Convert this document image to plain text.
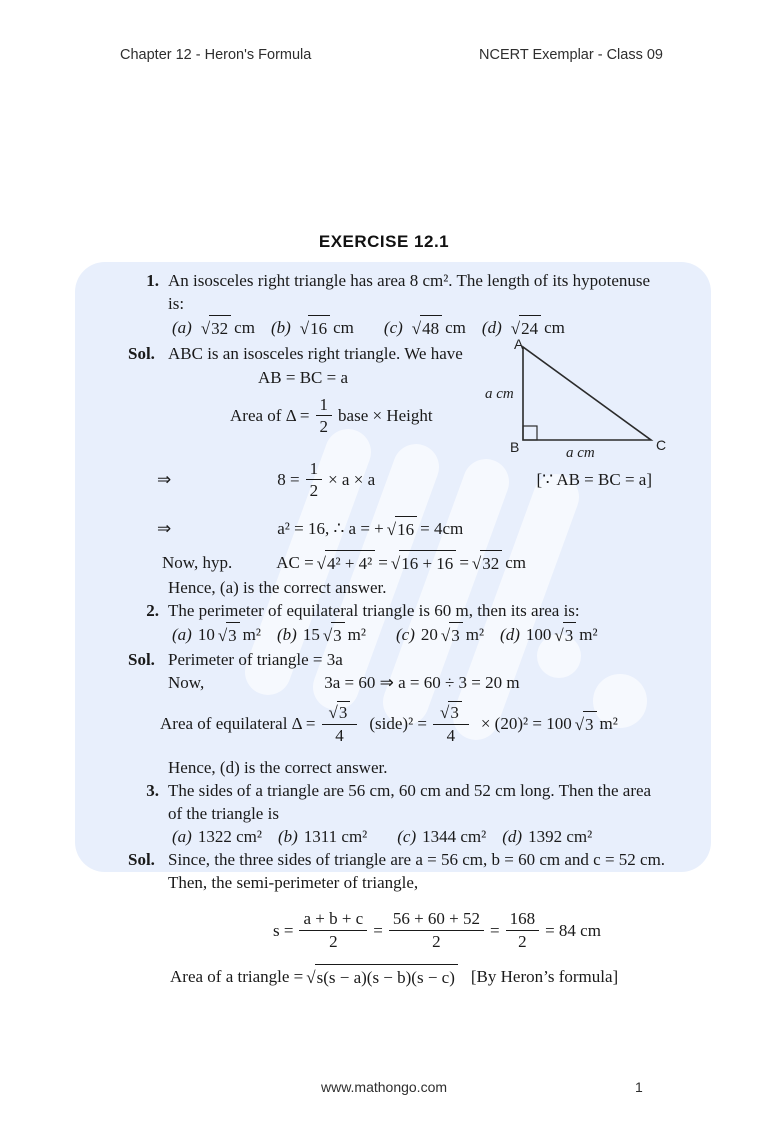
Chapter 12 - Heron's Formula	NCERT Exemplar - Class 09
EXERCISE 12.1
1. An isosceles right triangle has area 8 cm². The length of its hypotenuse
is:
(a) √32 cm (b) √16 cm (c) √48 cm (d) √24 cm
Sol. ABC is an isosceles right triangle. We have
AB = BC = a
Area of $\Delta = \frac{1}{2}$ base × Height
⇒	$8 = \frac{1}{2} \times a \times a$	[∵ AB = BC = a]
⇒	a² = 16, ∴ a = + √16 = 4cm
Now, hyp.	AC = √4² + 4² = √16 + 16 = √32 cm
Hence, (a) is the correct answer.
2. The perimeter of equilateral triangle is 60 m, then its area is:
(a) 10 √3 m² (b) 15 √3 m² (c) 20 √3 m² (d) 100 √3 m²
Sol. Perimeter of triangle = 3a
Now,	3a = 60 ⇒ a = 60 ÷ 3 = 20 m
Area of equilateral $\Delta = \frac{√3}{4}$ (side)² = $\frac{√3}{4} \times (20)^2 = 100$ √3 m²
Hence, (d) is the correct answer.
3. The sides of a triangle are 56 cm, 60 cm and 52 cm long. Then the area
of the triangle is
(a) 1322 cm² (b) 1311 cm² (c) 1344 cm² (d) 1392 cm²
Sol. Since, the three sides of triangle are a = 56 cm, b = 60 cm and c = 52 cm.
Then, the semi-perimeter of triangle,
$s = \frac{a + b + c}{2} = \frac{56 + 60 + 52}{2} = \frac{168}{2} = 84$ cm
Area of a triangle = √s(s − a)(s − b)(s − c) [By Heron’s formula]
A
B	C
a cm
a cm
www.mathongo.com	1
